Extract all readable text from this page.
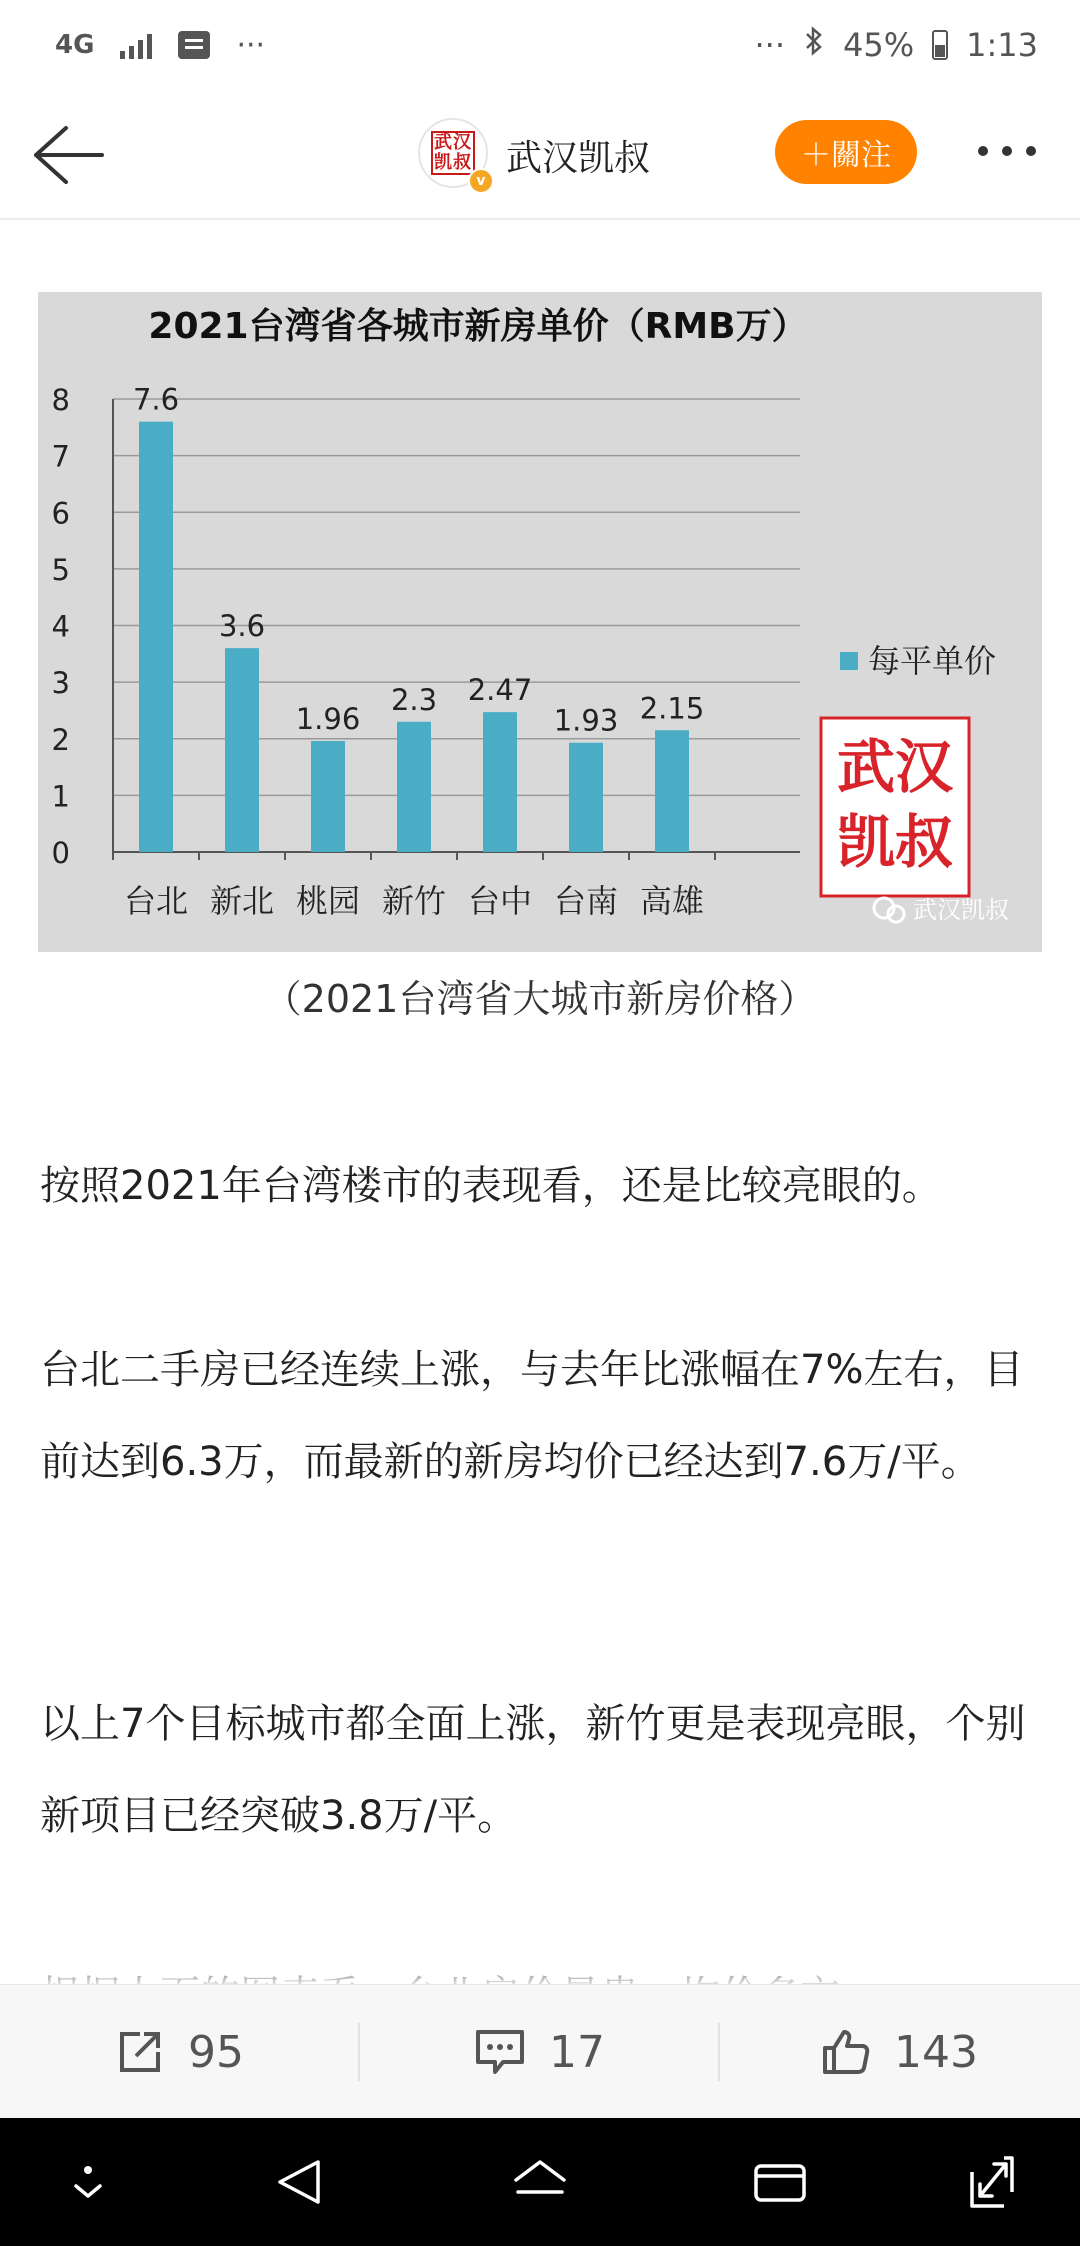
4G	···	··· 45% 1:13
武汉凯叔
v
武汉凯叔	＋關注
2021台湾省各城市新房单价（RMB万）
0
1
2
3
4
5
6
7
8 7.6
3.6
1.96
2.3 2.47
1.93 2.15
台北 新北 桃园 新竹 台中 台南 高雄
每平单价
武汉
凯叔
武汉凯叔
（2021台湾省大城市新房价格）

按照2021年台湾楼市的表现看，还是比较亮眼的。

台北二手房已经连续上涨，与去年比涨幅在7%左右，目前达到6.3万，而最新的新房均价已经达到7.6万/平。

以上7个目标城市都全面上涨，新竹更是表现亮眼，个别新项目已经突破3.8万/平。

95	17	143
